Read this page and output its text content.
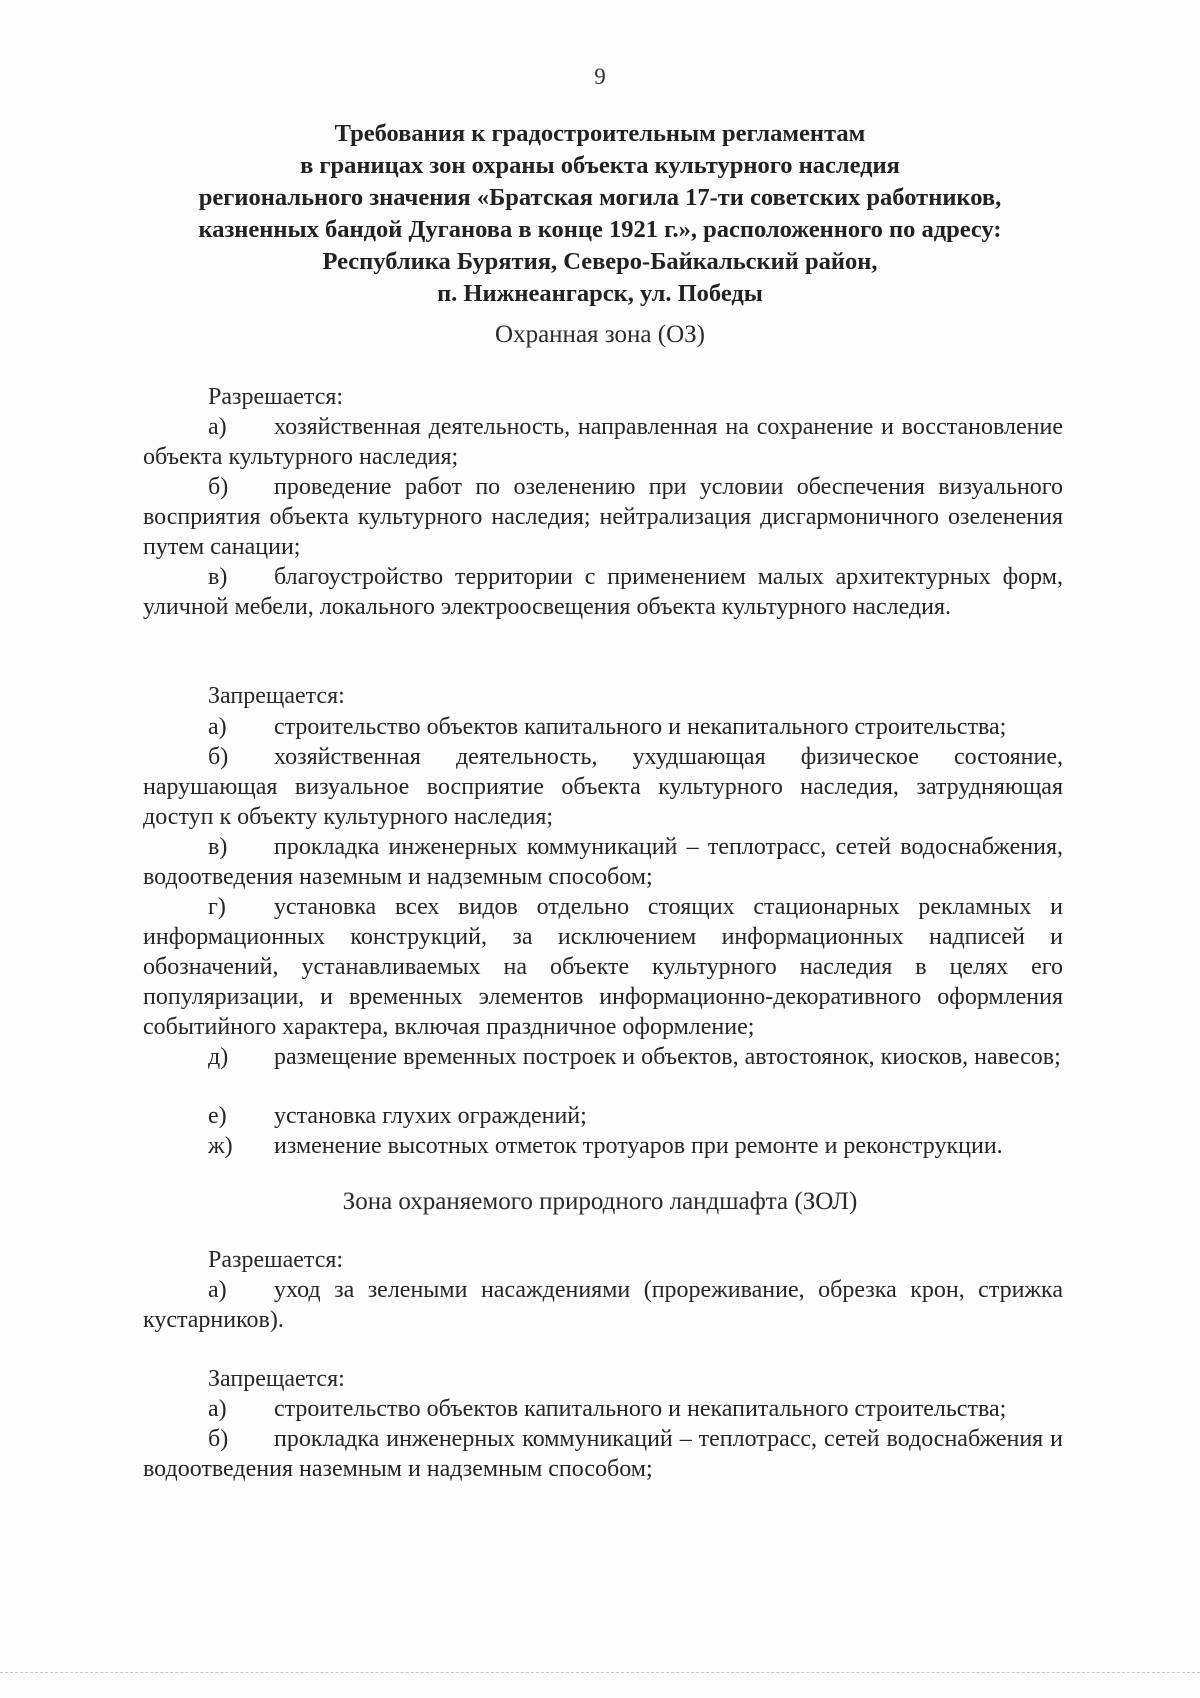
9
Требования к градостроительным регламентам
в границах зон охраны объекта культурного наследия
регионального значения «Братская могила 17-ти советских работников,
казненных бандой Дуганова в конце 1921 г.», расположенного по адресу:
Республика Бурятия, Северо-Байкальский район,
п. Нижнеангарск, ул. Победы
Охранная зона (ОЗ)
Разрешается:

а) хозяйственная деятельность, направленная на сохранение и восстановление объекта культурного наследия;

б) проведение работ по озеленению при условии обеспечения визуального восприятия объекта культурного наследия; нейтрализация дисгармоничного озеленения путем санации;

в) благоустройство территории с применением малых архитектурных форм, уличной мебели, локального электроосвещения объекта культурного наследия.

Запрещается:

а) строительство объектов капитального и некапитального строительства;

б) хозяйственная деятельность, ухудшающая физическое состояние, нарушающая визуальное восприятие объекта культурного наследия, затрудняющая доступ к объекту культурного наследия;

в) прокладка инженерных коммуникаций – теплотрасс, сетей водоснабжения, водоотведения наземным и надземным способом;

г) установка всех видов отдельно стоящих стационарных рекламных и информационных конструкций, за исключением информационных надписей и обозначений, устанавливаемых на объекте культурного наследия в целях его популяризации, и временных элементов информационно-декоративного оформления событийного характера, включая праздничное оформление;

д) размещение временных построек и объектов, автостоянок, киосков, навесов;

е) установка глухих ограждений;

ж) изменение высотных отметок тротуаров при ремонте и реконструкции.

Зона охраняемого природного ландшафта (ЗОЛ)
Разрешается:

а) уход за зелеными насаждениями (прореживание, обрезка крон, стрижка кустарников).

Запрещается:

а) строительство объектов капитального и некапитального строительства;

б) прокладка инженерных коммуникаций – теплотрасс, сетей водоснабжения и водоотведения наземным и надземным способом;
